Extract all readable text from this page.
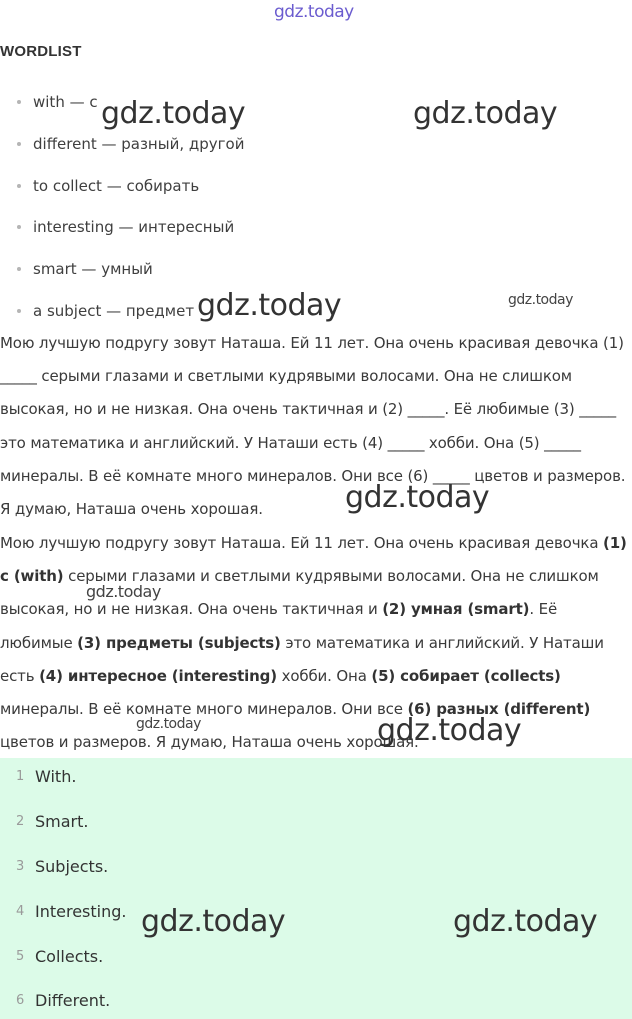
gdz.today
WORDLIST
with — с
different — разный, другой
to collect — собирать
interesting — интересный
smart — умный
a subject — предмет
Мою лучшую подругу зовут Наташа. Ей 11 лет. Она очень красивая девочка (1) _____ серыми глазами и светлыми кудрявыми волосами. Она не слишком высокая, но и не низкая. Она очень тактичная и (2) _____. Её любимые (3) _____ это математика и английский. У Наташи есть (4) _____ хобби. Она (5) _____ минералы. В её комнате много минералов. Они все (6) _____ цветов и размеров. Я думаю, Наташа очень хорошая.
Мою лучшую подругу зовут Наташа. Ей 11 лет. Она очень красивая девочка (1) с (with) серыми глазами и светлыми кудрявыми волосами. Она не слишком высокая, но и не низкая. Она очень тактичная и (2) умная (smart). Её любимые (3) предметы (subjects) это математика и английский. У Наташи есть (4) интересное (interesting) хобби. Она (5) собирает (collects) минералы. В её комнате много минералов. Они все (6) разных (different) цветов и размеров. Я думаю, Наташа очень хорошая.
1 With.
2 Smart.
3 Subjects.
4 Interesting.
5 Collects.
6 Different.
gdz.today	gdz.today
gdz.today	gdz.today
gdz.today
gdz.today
gdz.today	gdz.today
gdz.today	gdz.today
